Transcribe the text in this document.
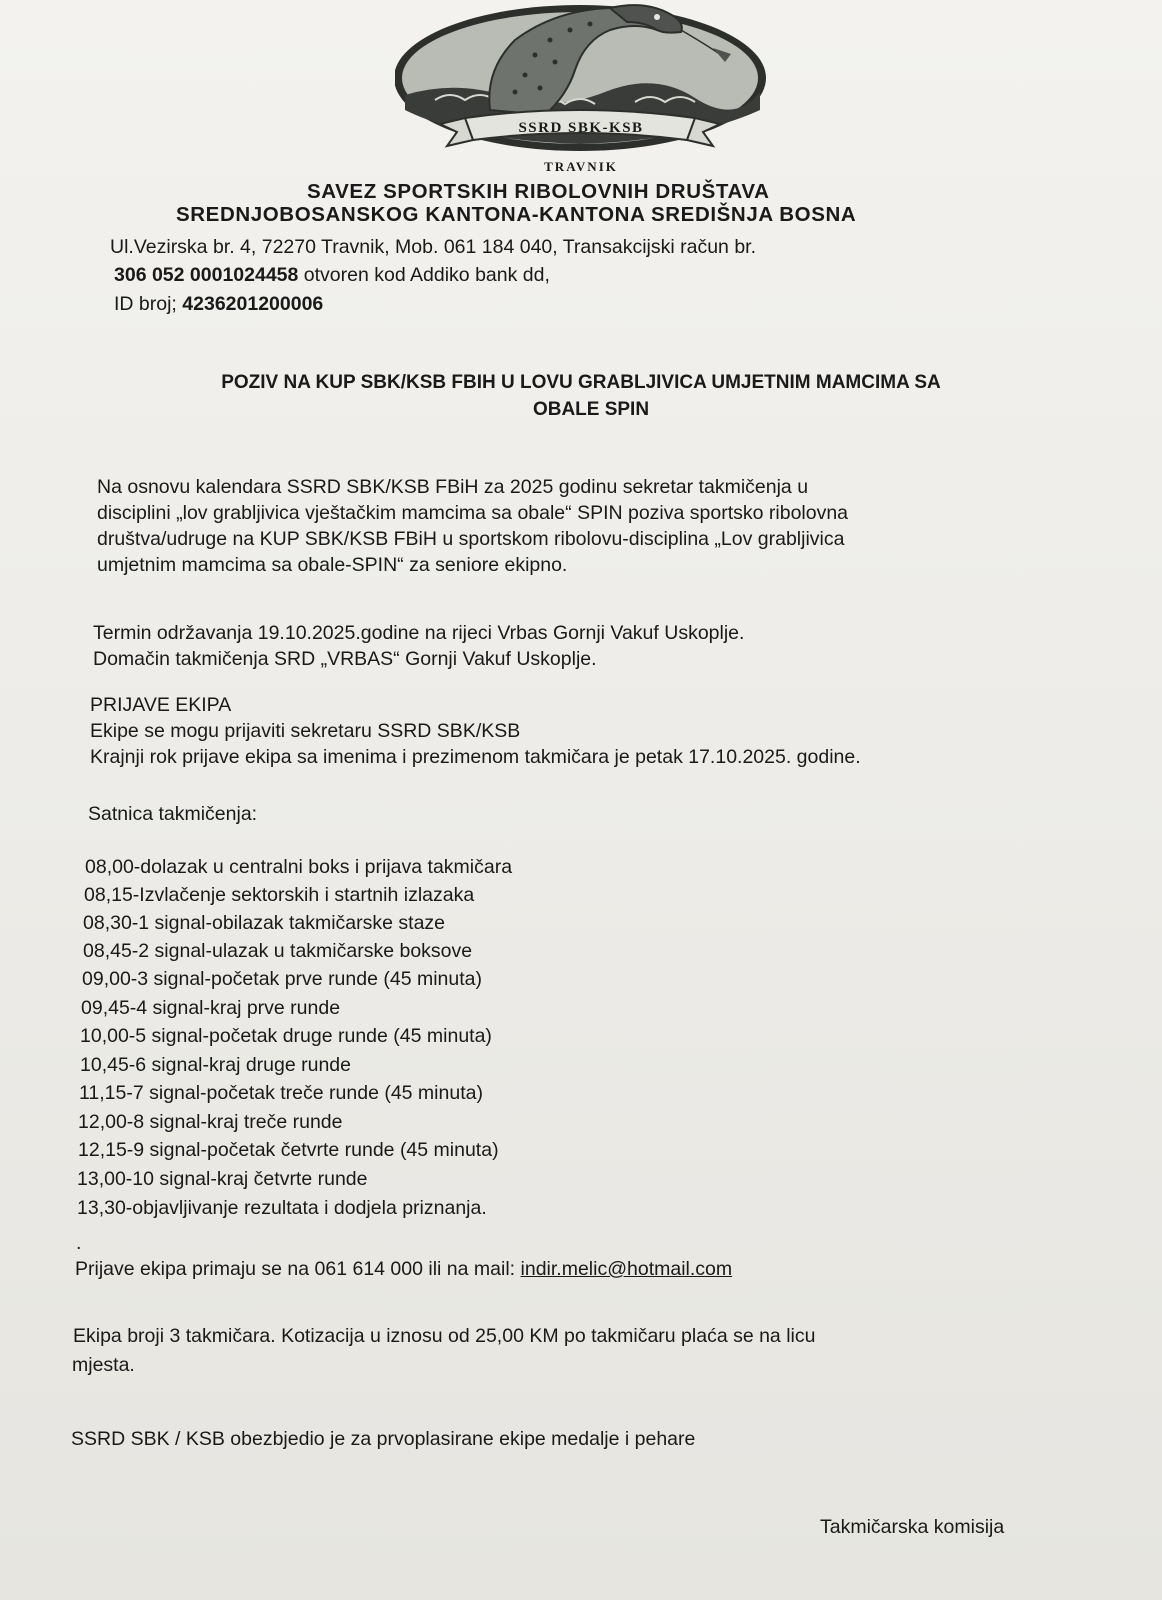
SSRD SBK-KSB
TRAVNIK
SAVEZ SPORTSKIH RIBOLOVNIH DRUŠTAVA
SREDNJOBOSANSKOG KANTONA-KANTONA SREDIŠNJA BOSNA
Ul.Vezirska br. 4, 72270 Travnik, Mob. 061 184 040, Transakcijski račun br.
306 052 0001024458 otvoren kod Addiko bank dd,
ID broj; 4236201200006
POZIV NA KUP SBK/KSB FBIH U LOVU GRABLJIVICA UMJETNIM MAMCIMA SA
OBALE SPIN
Na osnovu kalendara SSRD SBK/KSB FBiH za 2025 godinu sekretar takmičenja u
disciplini „lov grabljivica vještačkim mamcima sa obale“ SPIN poziva sportsko ribolovna
društva/udruge na KUP SBK/KSB FBiH u sportskom ribolovu-disciplina „Lov grabljivica
umjetnim mamcima sa obale-SPIN“ za seniore ekipno.
Termin održavanja 19.10.2025.godine na rijeci Vrbas Gornji Vakuf Uskoplje.
Domačin takmičenja SRD „VRBAS“ Gornji Vakuf Uskoplje.
PRIJAVE EKIPA
Ekipe se mogu prijaviti sekretaru SSRD SBK/KSB
Krajnji rok prijave ekipa sa imenima i prezimenom takmičara je petak 17.10.2025. godine.
Satnica takmičenja:
08,00-dolazak u centralni boks i prijava takmičara
08,15-Izvlačenje sektorskih i startnih izlazaka
08,30-1 signal-obilazak takmičarske staze
08,45-2 signal-ulazak u takmičarske boksove
09,00-3 signal-početak prve runde (45 minuta)
09,45-4 signal-kraj prve runde
10,00-5 signal-početak druge runde (45 minuta)
10,45-6 signal-kraj druge runde
11,15-7 signal-početak treče runde (45 minuta)
12,00-8 signal-kraj treče runde
12,15-9 signal-početak četvrte runde (45 minuta)
13,00-10 signal-kraj četvrte runde
13,30-objavljivanje rezultata i dodjela priznanja.
.
Prijave ekipa primaju se na 061 614 000 ili na mail: indir.melic@hotmail.com
Ekipa broji 3 takmičara. Kotizacija u iznosu od 25,00 KM po takmičaru plaća se na licu
mjesta.
SSRD SBK / KSB obezbjedio je za prvoplasirane ekipe medalje i pehare
Takmičarska komisija
